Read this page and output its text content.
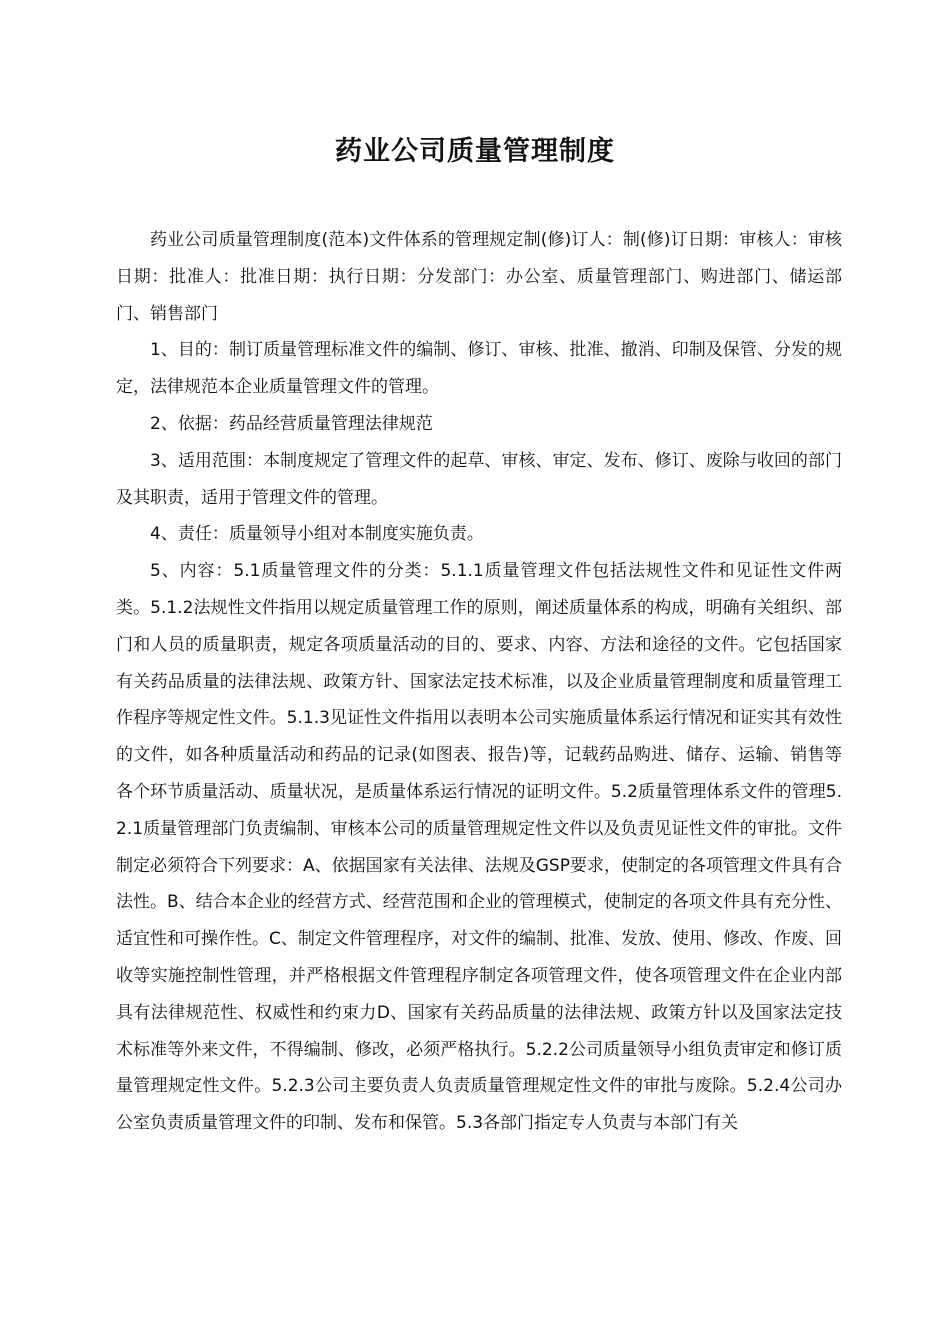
药业公司质量管理制度

药业公司质量管理制度(范本)文件体系的管理规定制(修)订人：制(修)订日期：审核人：审核日期：批准人：批准日期：执行日期：分发部门：办公室、质量管理部门、购进部门、储运部门、销售部门

1、目的：制订质量管理标准文件的编制、修订、审核、批准、撤消、印制及保管、分发的规定，法律规范本企业质量管理文件的管理。

2、依据：药品经营质量管理法律规范

3、适用范围：本制度规定了管理文件的起草、审核、审定、发布、修订、废除与收回的部门及其职责，适用于管理文件的管理。

4、责任：质量领导小组对本制度实施负责。

5、内容：5.1质量管理文件的分类：5.1.1质量管理文件包括法规性文件和见证性文件两类。5.1.2法规性文件指用以规定质量管理工作的原则，阐述质量体系的构成，明确有关组织、部门和人员的质量职责，规定各项质量活动的目的、要求、内容、方法和途径的文件。它包括国家有关药品质量的法律法规、政策方针、国家法定技术标准，以及企业质量管理制度和质量管理工作程序等规定性文件。5.1.3见证性文件指用以表明本公司实施质量体系运行情况和证实其有效性的文件，如各种质量活动和药品的记录(如图表、报告)等，记载药品购进、储存、运输、销售等各个环节质量活动、质量状况，是质量体系运行情况的证明文件。5.2质量管理体系文件的管理5.2.1质量管理部门负责编制、审核本公司的质量管理规定性文件以及负责见证性文件的审批。文件制定必须符合下列要求：A、依据国家有关法律、法规及GSP要求，使制定的各项管理文件具有合法性。B、结合本企业的经营方式、经营范围和企业的管理模式，使制定的各项文件具有充分性、适宜性和可操作性。C、制定文件管理程序，对文件的编制、批准、发放、使用、修改、作废、回收等实施控制性管理，并严格根据文件管理程序制定各项管理文件，使各项管理文件在企业内部具有法律规范性、权威性和约束力D、国家有关药品质量的法律法规、政策方针以及国家法定技术标准等外来文件，不得编制、修改，必须严格执行。5.2.2公司质量领导小组负责审定和修订质量管理规定性文件。5.2.3公司主要负责人负责质量管理规定性文件的审批与废除。5.2.4公司办公室负责质量管理文件的印制、发布和保管。5.3各部门指定专人负责与本部门有关
